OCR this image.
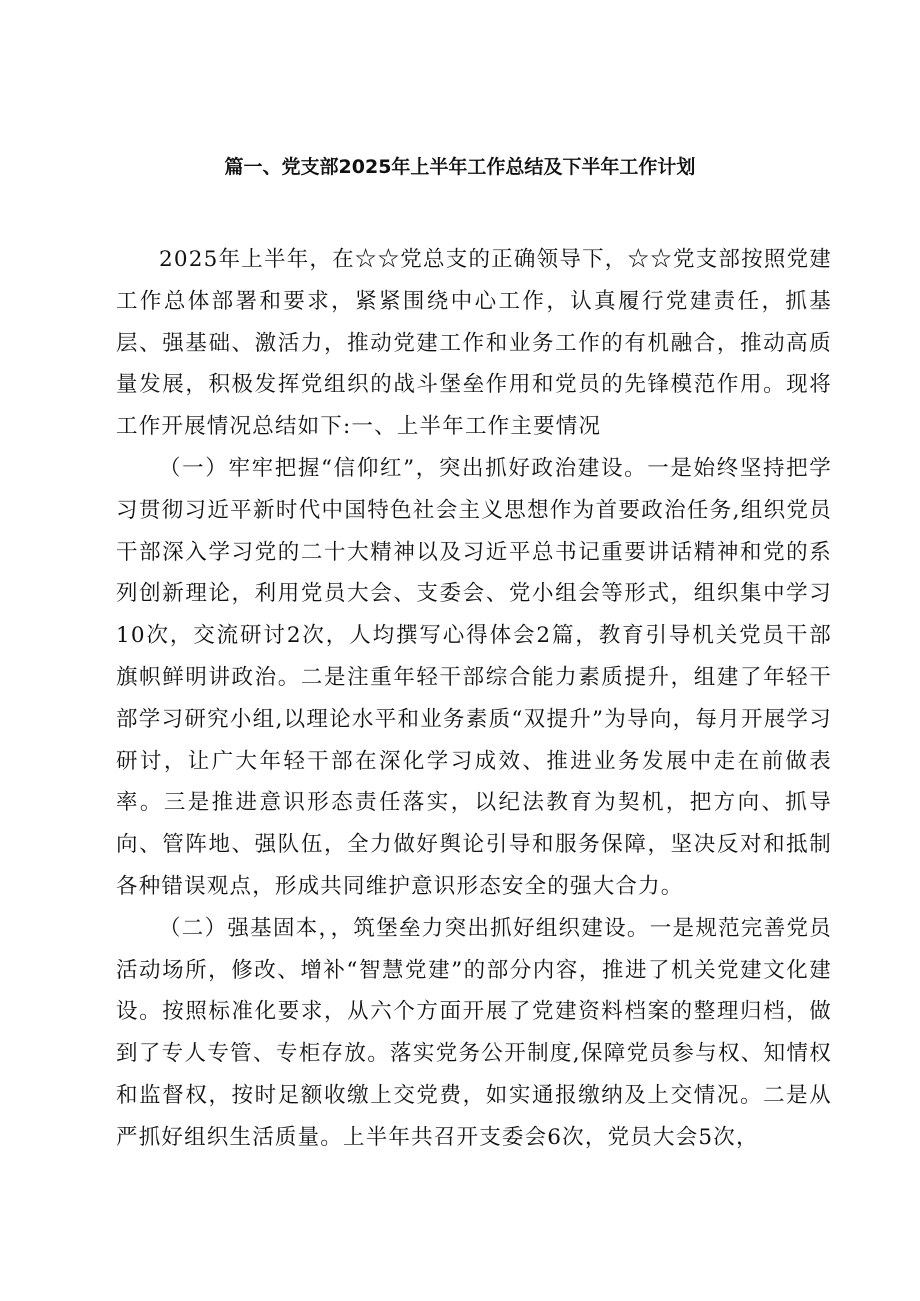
篇一、党支部2025年上半年工作总结及下半年工作计划

2025年上半年，在☆☆党总支的正确领导下，☆☆党支部按照党建工作总体部署和要求，紧紧围绕中心工作，认真履行党建责任，抓基层、强基础、激活力，推动党建工作和业务工作的有机融合，推动高质量发展，积极发挥党组织的战斗堡垒作用和党员的先锋模范作用。现将工作开展情况总结如下:一、上半年工作主要情况

（一）牢牢把握“信仰红”，突出抓好政治建设。一是始终坚持把学习贯彻习近平新时代中国特色社会主义思想作为首要政治任务,组织党员干部深入学习党的二十大精神以及习近平总书记重要讲话精神和党的系列创新理论，利用党员大会、支委会、党小组会等形式，组织集中学习10次，交流研讨2次，人均撰写心得体会2篇，教育引导机关党员干部旗帜鲜明讲政治。二是注重年轻干部综合能力素质提升，组建了年轻干部学习研究小组,以理论水平和业务素质“双提升”为导向，每月开展学习研讨，让广大年轻干部在深化学习成效、推进业务发展中走在前做表率。三是推进意识形态责任落实，以纪法教育为契机，把方向、抓导向、管阵地、强队伍，全力做好舆论引导和服务保障，坚决反对和抵制各种错误观点，形成共同维护意识形态安全的强大合力。

（二）强基固本，，筑堡垒力突出抓好组织建设。一是规范完善党员活动场所，修改、增补“智慧党建”的部分内容，推进了机关党建文化建设。按照标准化要求，从六个方面开展了党建资料档案的整理归档，做到了专人专管、专柜存放。落实党务公开制度,保障党员参与权、知情权和监督权，按时足额收缴上交党费，如实通报缴纳及上交情况。二是从严抓好组织生活质量。上半年共召开支委会6次，党员大会5次，
